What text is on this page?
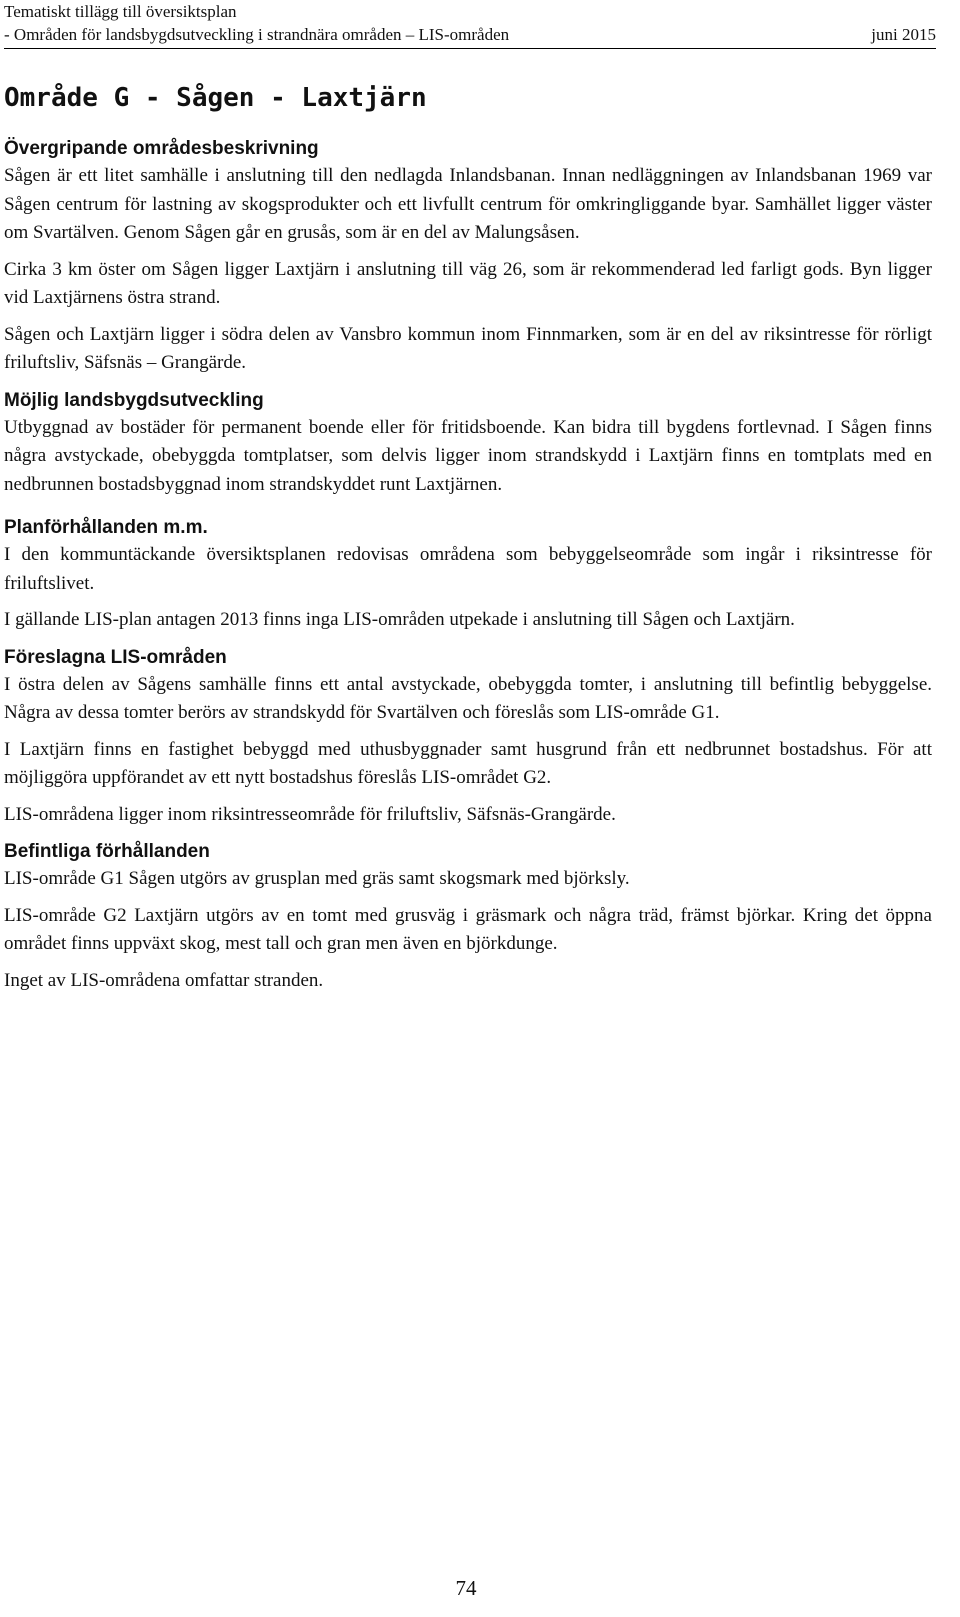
Tematiskt tillägg till översiktsplan
- Områden för landsbygdsutveckling i strandnära områden – LIS-områden	juni 2015
Område G - Sågen - Laxtjärn
Övergripande områdesbeskrivning

Sågen är ett litet samhälle i anslutning till den nedlagda Inlandsbanan. Innan nedläggningen av Inlandsbanan 1969 var Sågen centrum för lastning av skogsprodukter och ett livfullt centrum för omkringliggande byar. Samhället ligger väster om Svartälven. Genom Sågen går en grusås, som är en del av Malungsåsen.

Cirka 3 km öster om Sågen ligger Laxtjärn i anslutning till väg 26, som är rekommenderad led farligt gods. Byn ligger vid Laxtjärnens östra strand.

Sågen och Laxtjärn ligger i södra delen av Vansbro kommun inom Finnmarken, som är en del av riksintresse för rörligt friluftsliv, Säfsnäs – Grangärde.

Möjlig landsbygdsutveckling

Utbyggnad av bostäder för permanent boende eller för fritidsboende. Kan bidra till bygdens fortlevnad. I Sågen finns några avstyckade, obebyggda tomtplatser, som delvis ligger inom strandskydd i Laxtjärn finns en tomtplats med en nedbrunnen bostadsbyggnad inom strandskyddet runt Laxtjärnen.

Planförhållanden m.m.

I den kommuntäckande översiktsplanen redovisas områdena som bebyggelseområde som ingår i riksintresse för friluftslivet.

I gällande LIS-plan antagen 2013 finns inga LIS-områden utpekade i anslutning till Sågen och Laxtjärn.

Föreslagna LIS-områden

I östra delen av Sågens samhälle finns ett antal avstyckade, obebyggda tomter, i anslutning till befintlig bebyggelse. Några av dessa tomter berörs av strandskydd för Svartälven och föreslås som LIS-område G1.

I Laxtjärn finns en fastighet bebyggd med uthusbyggnader samt husgrund från ett nedbrunnet bostadshus. För att möjliggöra uppförandet av ett nytt bostadshus föreslås LIS-området G2.

LIS-områdena ligger inom riksintresseområde för friluftsliv, Säfsnäs-Grangärde.

Befintliga förhållanden

LIS-område G1 Sågen utgörs av grusplan med gräs samt skogsmark med björksly.

LIS-område G2 Laxtjärn utgörs av en tomt med grusväg i gräsmark och några träd, främst björkar. Kring det öppna området finns uppväxt skog, mest tall och gran men även en björkdunge.

Inget av LIS-områdena omfattar stranden.

74
